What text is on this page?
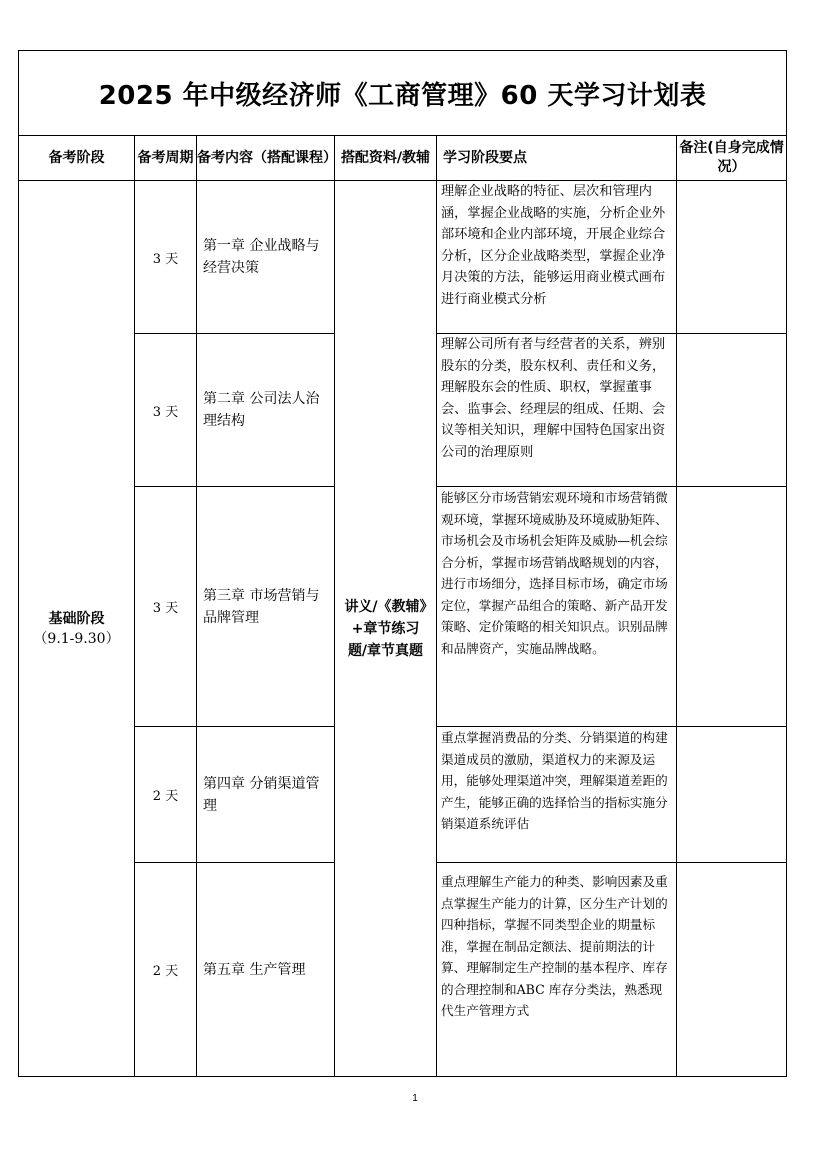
2025 年中级经济师《工商管理》60 天学习计划表					
备考阶段	备考周期	备考内容（搭配课程）	搭配资料/教辅	学习阶段要点	备注(自身完成情况）

基础阶段
（9.1-9.30）	3 天	第一章 企业战略与经营决策	讲义/《教辅》+章节练习题/章节真题	理解企业战略的特征、层次和管理内涵，掌握企业战略的实施，分析企业外部环境和企业内部环境，开展企业综合分析，区分企业战略类型，掌握企业净月决策的方法，能够运用商业模式画布进行商业模式分析	
	3 天	第二章 公司法人治理结构		理解公司所有者与经营者的关系，辨别股东的分类，股东权利、责任和义务，理解股东会的性质、职权，掌握董事会、监事会、经理层的组成、任期、会议等相关知识，理解中国特色国家出资公司的治理原则	
	3 天	第三章 市场营销与品牌管理		能够区分市场营销宏观环境和市场营销微观环境，掌握环境威胁及环境威胁矩阵、市场机会及市场机会矩阵及威胁—机会综合分析，掌握市场营销战略规划的内容，进行市场细分，选择目标市场，确定市场定位，掌握产品组合的策略、新产品开发策略、定价策略的相关知识点。识别品牌和品牌资产，实施品牌战略。	
	2 天	第四章 分销渠道管理		重点掌握消费品的分类、分销渠道的构建渠道成员的激励，渠道权力的来源及运用，能够处理渠道冲突，理解渠道差距的产生，能够正确的选择恰当的指标实施分销渠道系统评估	
	2 天	第五章 生产管理		重点理解生产能力的种类、影响因素及重点掌握生产能力的计算，区分生产计划的四种指标，掌握不同类型企业的期量标准，掌握在制品定额法、提前期法的计算、理解制定生产控制的基本程序、库存的合理控制和ABC 库存分类法，熟悉现代生产管理方式	
1
